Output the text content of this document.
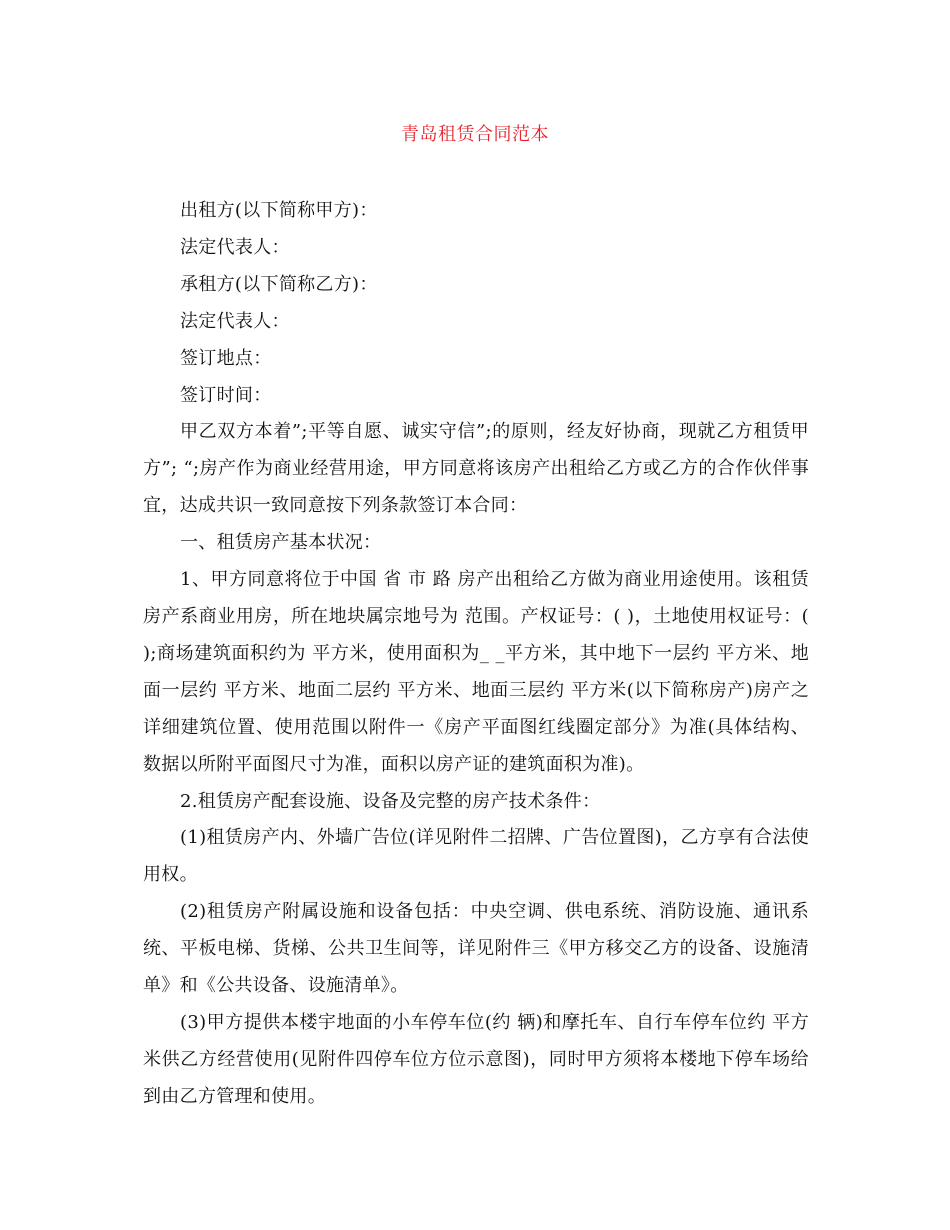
青岛租赁合同范本

出租方(以下简称甲方)：

法定代表人：

承租方(以下简称乙方)：

法定代表人：

签订地点：

签订时间：

甲乙双方本着”;平等自愿、诚实守信”;的原则，经友好协商，现就乙方租赁甲方”; “;房产作为商业经营用途，甲方同意将该房产出租给乙方或乙方的合作伙伴事宜，达成共识一致同意按下列条款签订本合同：

一、租赁房产基本状况：

1、甲方同意将位于中国 省 市 路 房产出租给乙方做为商业用途使用。该租赁房产系商业用房，所在地块属宗地号为 范围。产权证号：( )，土地使用权证号：( );商场建筑面积约为 平方米，使用面积为_ _平方米，其中地下一层约 平方米、地面一层约 平方米、地面二层约 平方米、地面三层约 平方米(以下简称房产)房产之详细建筑位置、使用范围以附件一《房产平面图红线圈定部分》为准(具体结构、数据以所附平面图尺寸为准，面积以房产证的建筑面积为准)。

2.租赁房产配套设施、设备及完整的房产技术条件：

(1)租赁房产内、外墙广告位(详见附件二招牌、广告位置图)，乙方享有合法使用权。

(2)租赁房产附属设施和设备包括：中央空调、供电系统、消防设施、通讯系统、平板电梯、货梯、公共卫生间等，详见附件三《甲方移交乙方的设备、设施清单》和《公共设备、设施清单》。

(3)甲方提供本楼宇地面的小车停车位(约 辆)和摩托车、自行车停车位约 平方米供乙方经营使用(见附件四停车位方位示意图)，同时甲方须将本楼地下停车场给到由乙方管理和使用。
